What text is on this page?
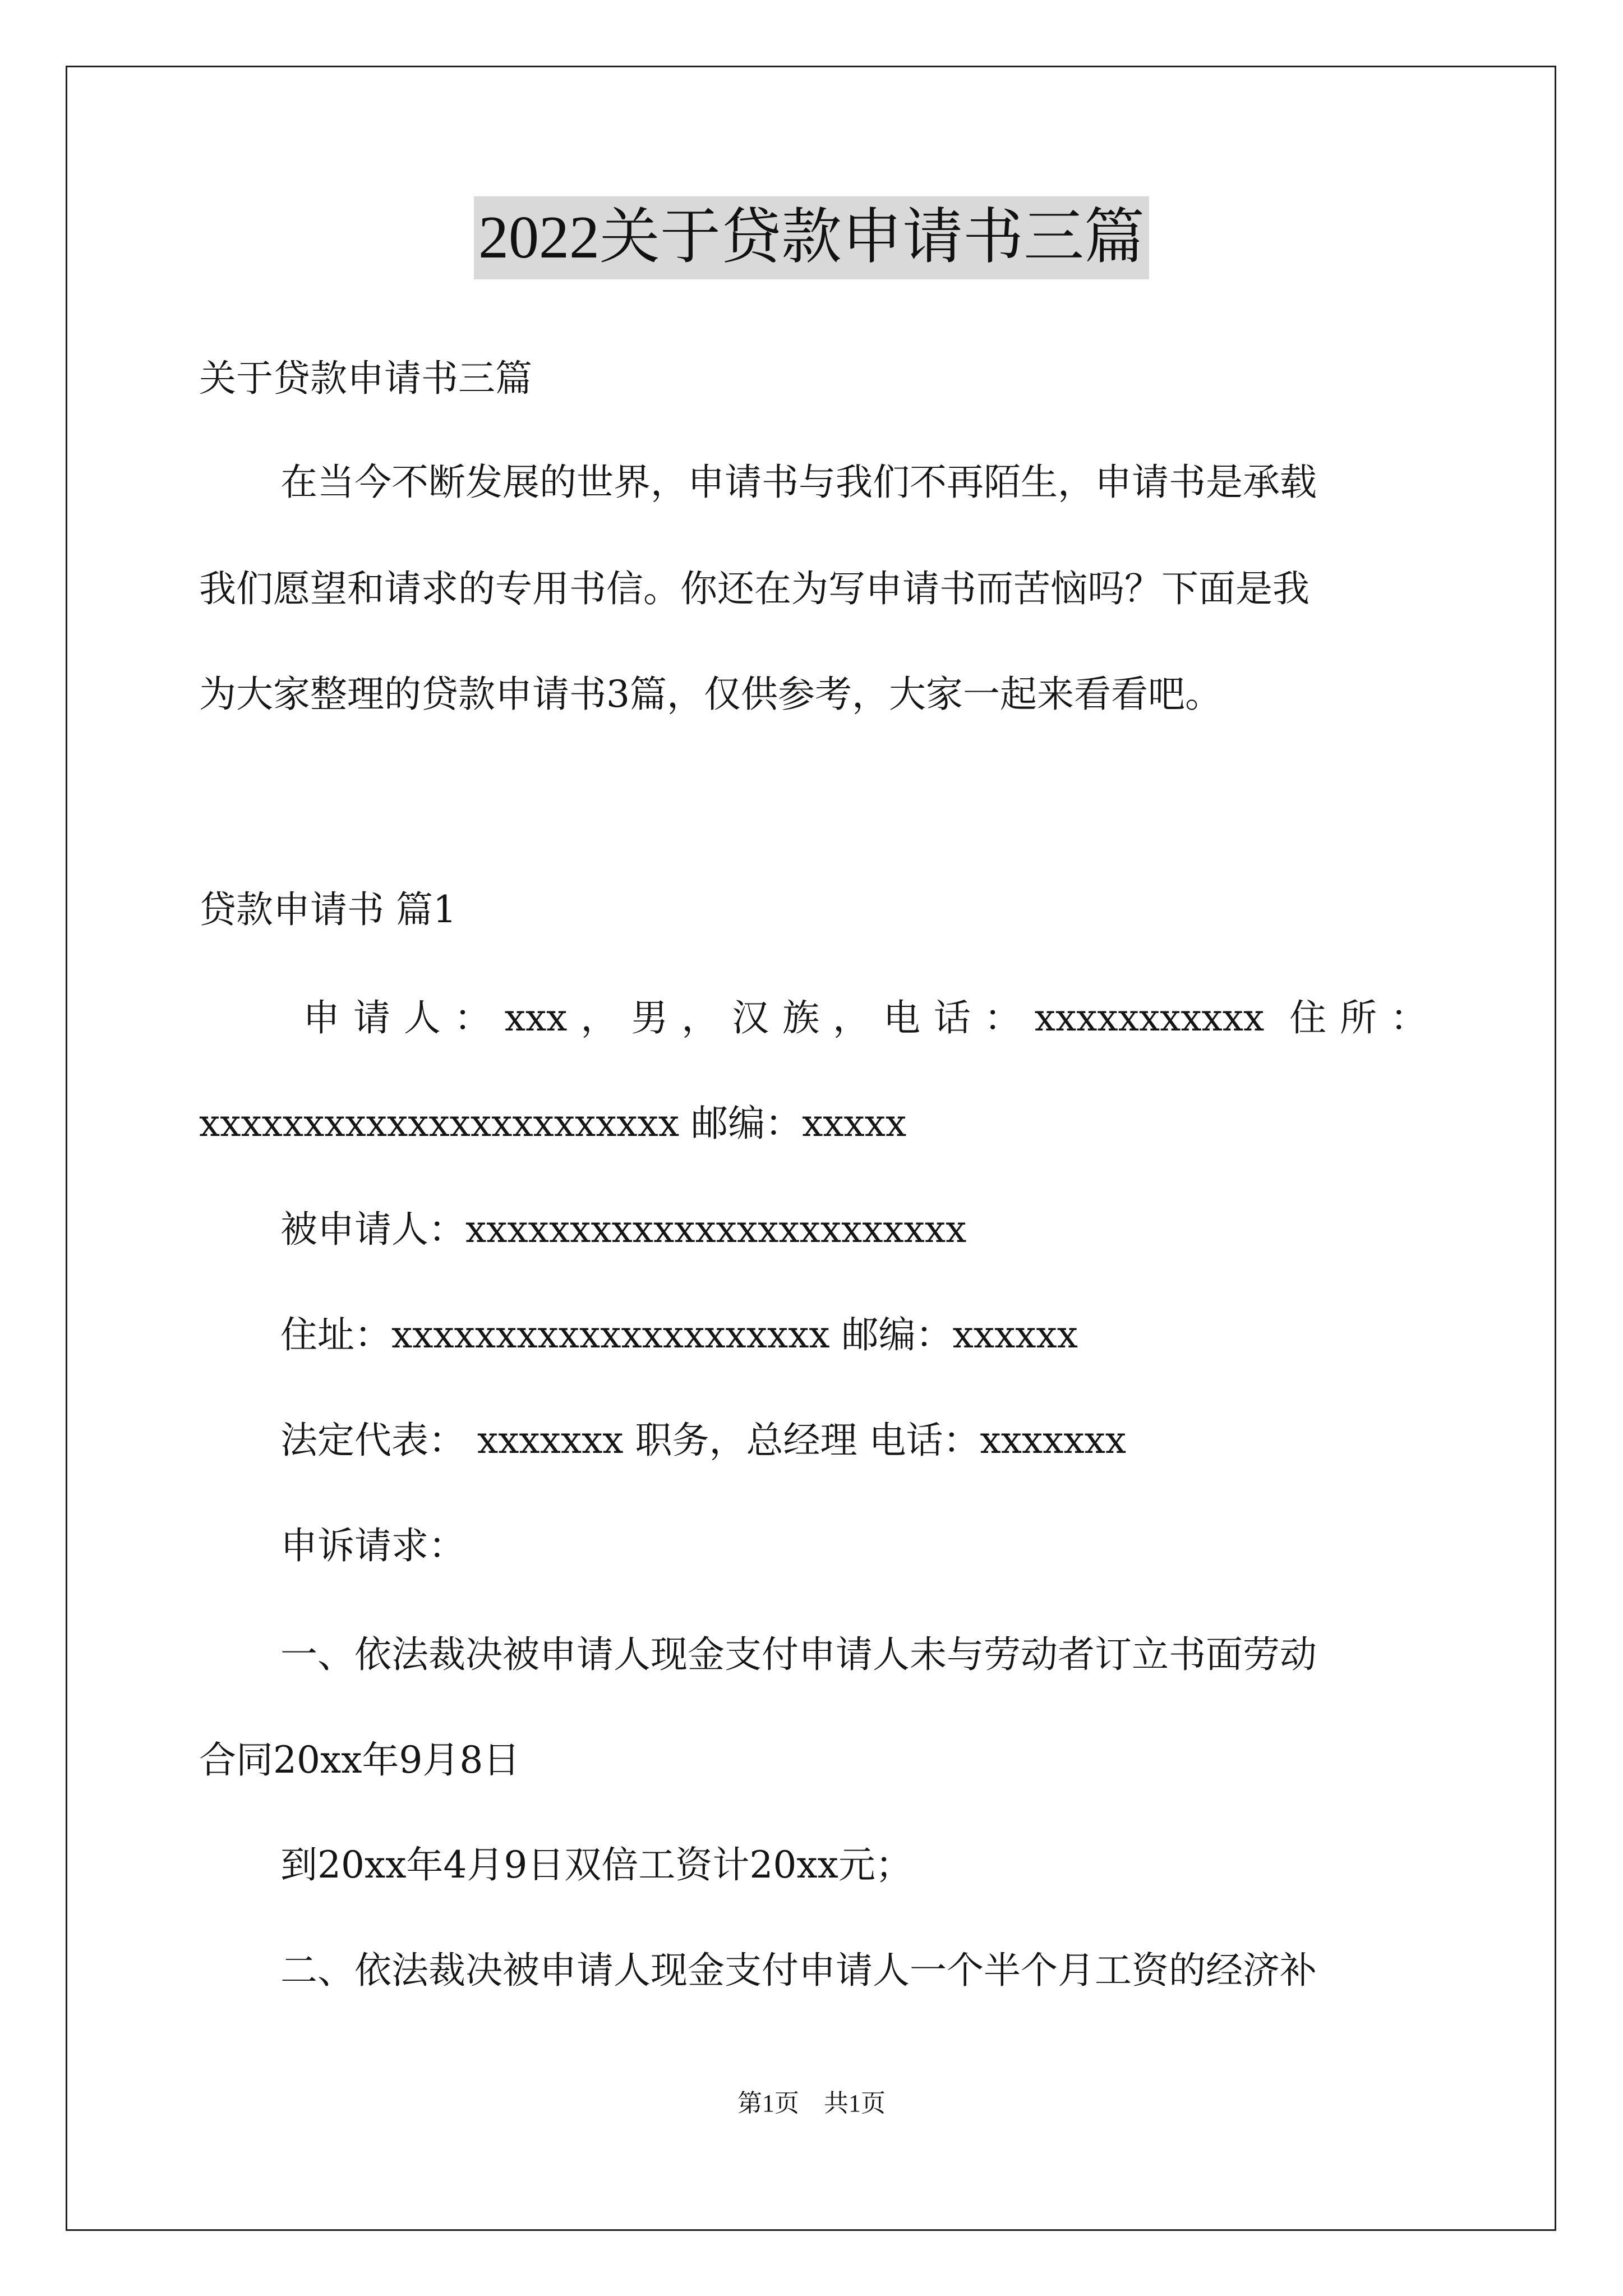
2022关于贷款申请书三篇
关于贷款申请书三篇
在当今不断发展的世界，申请书与我们不再陌生，申请书是承载
我们愿望和请求的专用书信。你还在为写申请书而苦恼吗？下面是我
为大家整理的贷款申请书3篇，仅供参考，大家一起来看看吧。
贷款申请书 篇1
申请人：xxx，男，汉族，电话：xxxxxxxxxxx 住所：
xxxxxxxxxxxxxxxxxxxxxxx 邮编：xxxxx
被申请人：xxxxxxxxxxxxxxxxxxxxxxxx
住址：xxxxxxxxxxxxxxxxxxxxx 邮编：xxxxxx
法定代表： xxxxxxx 职务，总经理 电话：xxxxxxx
申诉请求：
一、依法裁决被申请人现金支付申请人未与劳动者订立书面劳动
合同20xx年9月8日
到20xx年4月9日双倍工资计20xx元；
二、依法裁决被申请人现金支付申请人一个半个月工资的经济补
第1页　共1页
